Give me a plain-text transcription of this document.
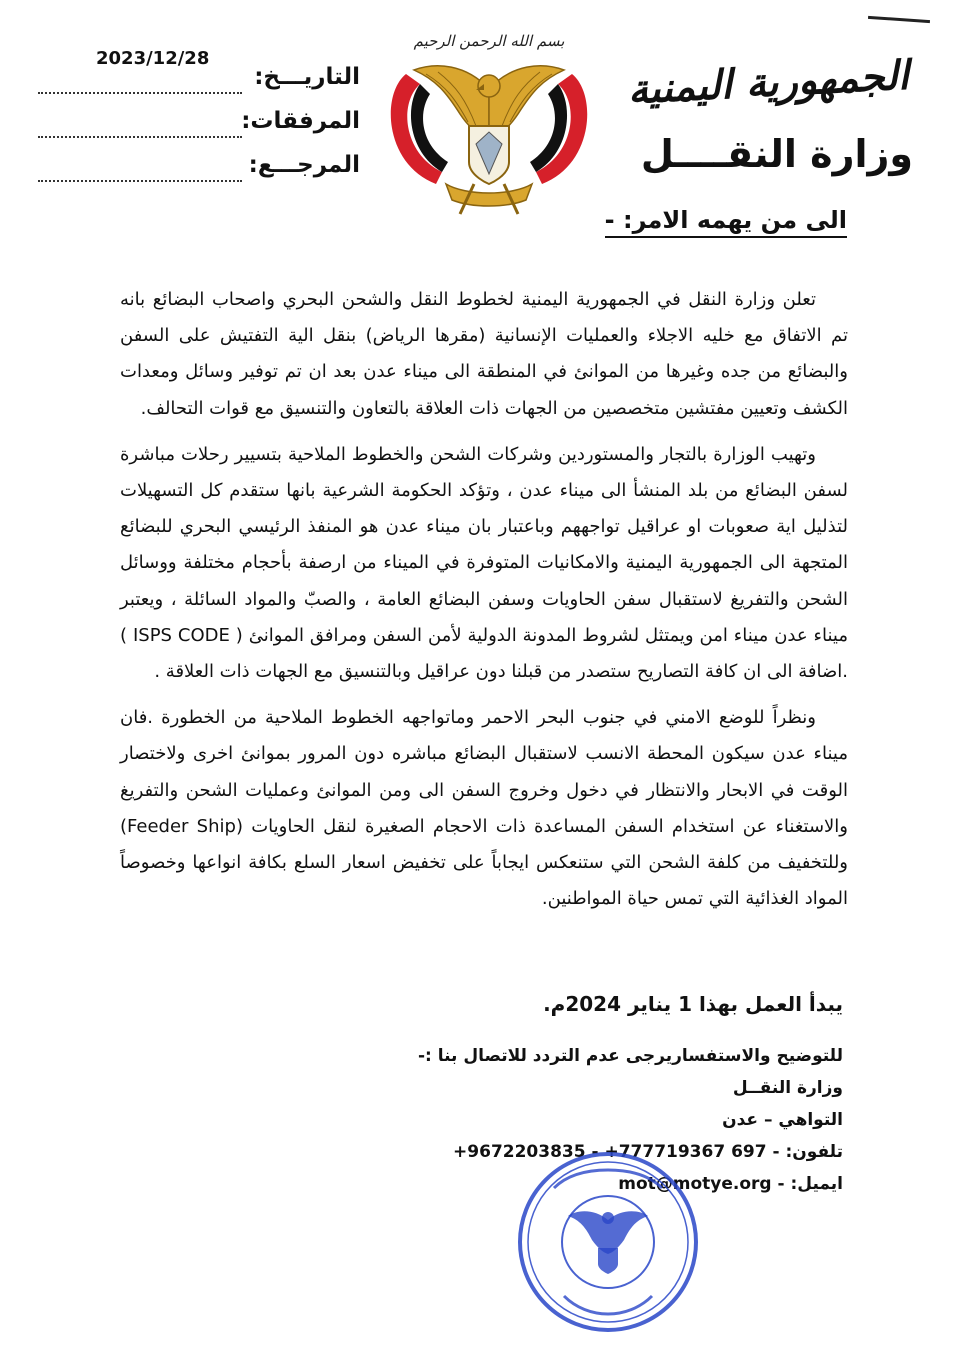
الجمهورية اليمنية
وزارة النقــــل
بسم الله الرحمن الرحيم
2023/12/28
التاريـــخ:
المرفقات:
المرجـــع:
الى من يهمه الامر: -

تعلن وزارة النقل في الجمهورية اليمنية لخطوط النقل والشحن البحري واصحاب البضائع بانه تم الاتفاق مع خليه الاجلاء والعمليات الإنسانية (مقرها الرياض) بنقل الية التفتيش على السفن والبضائع من جده وغيرها من الموانئ في المنطقة الى ميناء عدن بعد ان تم توفير وسائل ومعدات الكشف وتعيين مفتشين متخصصين من الجهات ذات العلاقة بالتعاون والتنسيق مع قوات التحالف.

وتهيب الوزارة بالتجار والمستوردين وشركات الشحن والخطوط الملاحية بتسيير رحلات مباشرة لسفن البضائع من بلد المنشأ الى ميناء عدن ، وتؤكد الحكومة الشرعية بانها ستقدم كل التسهيلات لتذليل اية صعوبات او عراقيل تواجههم وباعتبار بان ميناء عدن هو المنفذ الرئيسي البحري للبضائع المتجهة الى الجمهورية اليمنية والامكانيات المتوفرة في الميناء من ارصفة بأحجام مختلفة ووسائل الشحن والتفريغ لاستقبال سفن الحاويات وسفن البضائع العامة ، والصبّ والمواد السائلة ، ويعتبر ميناء عدن ميناء امن ويمتثل لشروط المدونة الدولية لأمن السفن ومرافق الموانئ ( ISPS CODE ) .اضافة الى ان كافة التصاريح ستصدر من قبلنا دون عراقيل وبالتنسيق مع الجهات ذات العلاقة .

ونظراً للوضع الامني في جنوب البحر الاحمر وماتواجهه الخطوط الملاحية من الخطورة .فان ميناء عدن سيكون المحطة الانسب لاستقبال البضائع مباشره دون المرور بموانئ اخرى ولاختصار الوقت في الابحار والانتظار في دخول وخروج السفن الى ومن الموانئ وعمليات الشحن والتفريغ والاستغناء عن استخدام السفن المساعدة ذات الاحجام الصغيرة لنقل الحاويات (Feeder Ship) وللتخفيف من كلفة الشحن التي ستنعكس ايجاباً على تخفيض اسعار السلع بكافة انواعها وخصوصاً المواد الغذائية التي تمس حياة المواطنين.

يبدأ العمل بهذا 1 يناير 2024م.
للتوضيح والاستفساريرجى عدم التردد للاتصال بنا :-
وزارة النقــل
التواهي – عدن
تلفون: - +9672203835 - +777719367 697
ايميل: - mot@motye.org
